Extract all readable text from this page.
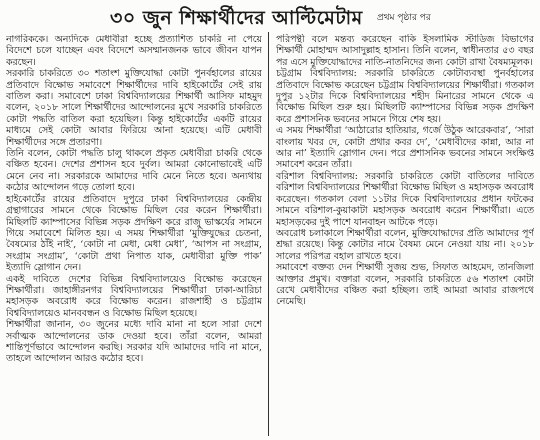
৩০ জুন শিক্ষার্থীদের আল্টিমেটাম প্রথম পৃষ্ঠার পর

নাগরিককে। অন্যদিকে মেধাবীরা হচ্ছে প্রত্যাশিত চাকরি না পেয়ে বিদেশে চলে যাচ্ছেন এবং বিদেশে অসম্মানজনক ভাবে জীবন যাপন করছেন।

সরকারি চাকরিতে ৩০ শতাংশ মুক্তিযোদ্ধা কোটা পুনর্বহালের রায়ের প্রতিবাদে বিক্ষোভ সমাবেশে শিক্ষার্থীদের দাবি হাইকোর্টের সেই রায় বাতিল করা। সমাবেশে ঢাকা বিশ্ববিদ্যালয়ের শিক্ষার্থী আসিফ মাহমুদ বলেন, ২০১৮ সালে শিক্ষার্থীদের আন্দোলনের মুখে সরকারি চাকরিতে কোটা পদ্ধতি বাতিল করা হয়েছিল। কিন্তু হাইকোর্টের একটি রায়ের মাধ্যমে সেই কোটা আবার ফিরিয়ে আনা হয়েছে। এটি মেধাবী শিক্ষার্থীদের সঙ্গে প্রতারণা।

তিনি বলেন, কোটা পদ্ধতি চালু থাকলে প্রকৃত মেধাবীরা চাকরি থেকে বঞ্চিত হবেন। দেশের প্রশাসন হবে দুর্বল। আমরা কোনোভাবেই এটি মেনে নেব না। সরকারকে আমাদের দাবি মেনে নিতে হবে। অন্যথায় কঠোর আন্দোলন গড়ে তোলা হবে।

হাইকোর্টের রায়ের প্রতিবাদে দুপুরে ঢাকা বিশ্ববিদ্যালয়ের কেন্দ্রীয় গ্রন্থাগারের সামনে থেকে বিক্ষোভ মিছিল বের করেন শিক্ষার্থীরা। মিছিলটি ক্যাম্পাসের বিভিন্ন সড়ক প্রদক্ষিণ করে রাজু ভাস্কর্যের সামনে গিয়ে সমাবেশে মিলিত হয়। এ সময় শিক্ষার্থীরা ‘মুক্তিযুদ্ধের চেতনা, বৈষম্যের ঠাঁই নাই’, ‘কোটা না মেধা, মেধা মেধা’, ‘আপস না সংগ্রাম, সংগ্রাম সংগ্রাম’, ‘কোটা প্রথা নিপাত যাক, মেধাবীরা মুক্তি পাক’ ইত্যাদি স্লোগান দেন।

একই দাবিতে দেশের বিভিন্ন বিশ্ববিদ্যালয়েও বিক্ষোভ করেছেন শিক্ষার্থীরা। জাহাঙ্গীরনগর বিশ্ববিদ্যালয়ের শিক্ষার্থীরা ঢাকা-আরিচা মহাসড়ক অবরোধ করে বিক্ষোভ করেন। রাজশাহী ও চট্টগ্রাম বিশ্ববিদ্যালয়েও মানববন্ধন ও বিক্ষোভ মিছিল হয়েছে।

শিক্ষার্থীরা জানান, ৩০ জুনের মধ্যে দাবি মানা না হলে সারা দেশে সর্বাত্মক আন্দোলনের ডাক দেওয়া হবে। তাঁরা বলেন, আমরা শান্তিপূর্ণভাবে আন্দোলন করছি। সরকার যদি আমাদের দাবি না মানে, তাহলে আন্দোলন আরও কঠোর হবে।

পরিপন্থী বলে মন্তব্য করেছেন বাকি ইসলামিক স্টাডিজ বিভাগের শিক্ষার্থী মোহাম্মদ আসাদুল্লাহ হাসান। তিনি বলেন, স্বাধীনতার ৫৩ বছর পর এসে মুক্তিযোদ্ধাদের নাতি-নাতনিদের জন্য কোটা রাখা বৈষম্যমূলক।

চট্টগ্রাম বিশ্ববিদ্যালয়: সরকারি চাকরিতে কোটাব্যবস্থা পুনর্বহালের প্রতিবাদে বিক্ষোভ করেছেন চট্টগ্রাম বিশ্ববিদ্যালয়ের শিক্ষার্থীরা। গতকাল দুপুর ১২টার দিকে বিশ্ববিদ্যালয়ের শহীদ মিনারের সামনে থেকে এ বিক্ষোভ মিছিল শুরু হয়। মিছিলটি ক্যাম্পাসের বিভিন্ন সড়ক প্রদক্ষিণ করে প্রশাসনিক ভবনের সামনে গিয়ে শেষ হয়।

এ সময় শিক্ষার্থীরা ‘আঠারোর হাতিয়ার, গর্জে উঠুক আরেকবার’, ‘সারা বাংলায় খবর দে, কোটা প্রথার কবর দে’, ‘মেধাবীদের কান্না, আর না আর না’ ইত্যাদি স্লোগান দেন। পরে প্রশাসনিক ভবনের সামনে সংক্ষিপ্ত সমাবেশ করেন তাঁরা।

বরিশাল বিশ্ববিদ্যালয়: সরকারি চাকরিতে কোটা বাতিলের দাবিতে বরিশাল বিশ্ববিদ্যালয়ের শিক্ষার্থীরা বিক্ষোভ মিছিল ও মহাসড়ক অবরোধ করেছেন। গতকাল বেলা ১১টার দিকে বিশ্ববিদ্যালয়ের প্রধান ফটকের সামনে বরিশাল-কুয়াকাটা মহাসড়ক অবরোধ করেন শিক্ষার্থীরা। এতে মহাসড়কের দুই পাশে যানবাহন আটকে পড়ে।

অবরোধ চলাকালে শিক্ষার্থীরা বলেন, মুক্তিযোদ্ধাদের প্রতি আমাদের পূর্ণ শ্রদ্ধা রয়েছে। কিন্তু কোটার নামে বৈষম্য মেনে নেওয়া যায় না। ২০১৮ সালের পরিপত্র বহাল রাখতে হবে।

সমাবেশে বক্তব্য দেন শিক্ষার্থী সুজয় শুভ, সিফাত আহমেদ, তানজিলা আক্তার প্রমুখ। বক্তারা বলেন, সরকারি চাকরিতে ৫৬ শতাংশ কোটা রেখে মেধাবীদের বঞ্চিত করা হচ্ছিল। তাই আমরা আবার রাজপথে নেমেছি।
